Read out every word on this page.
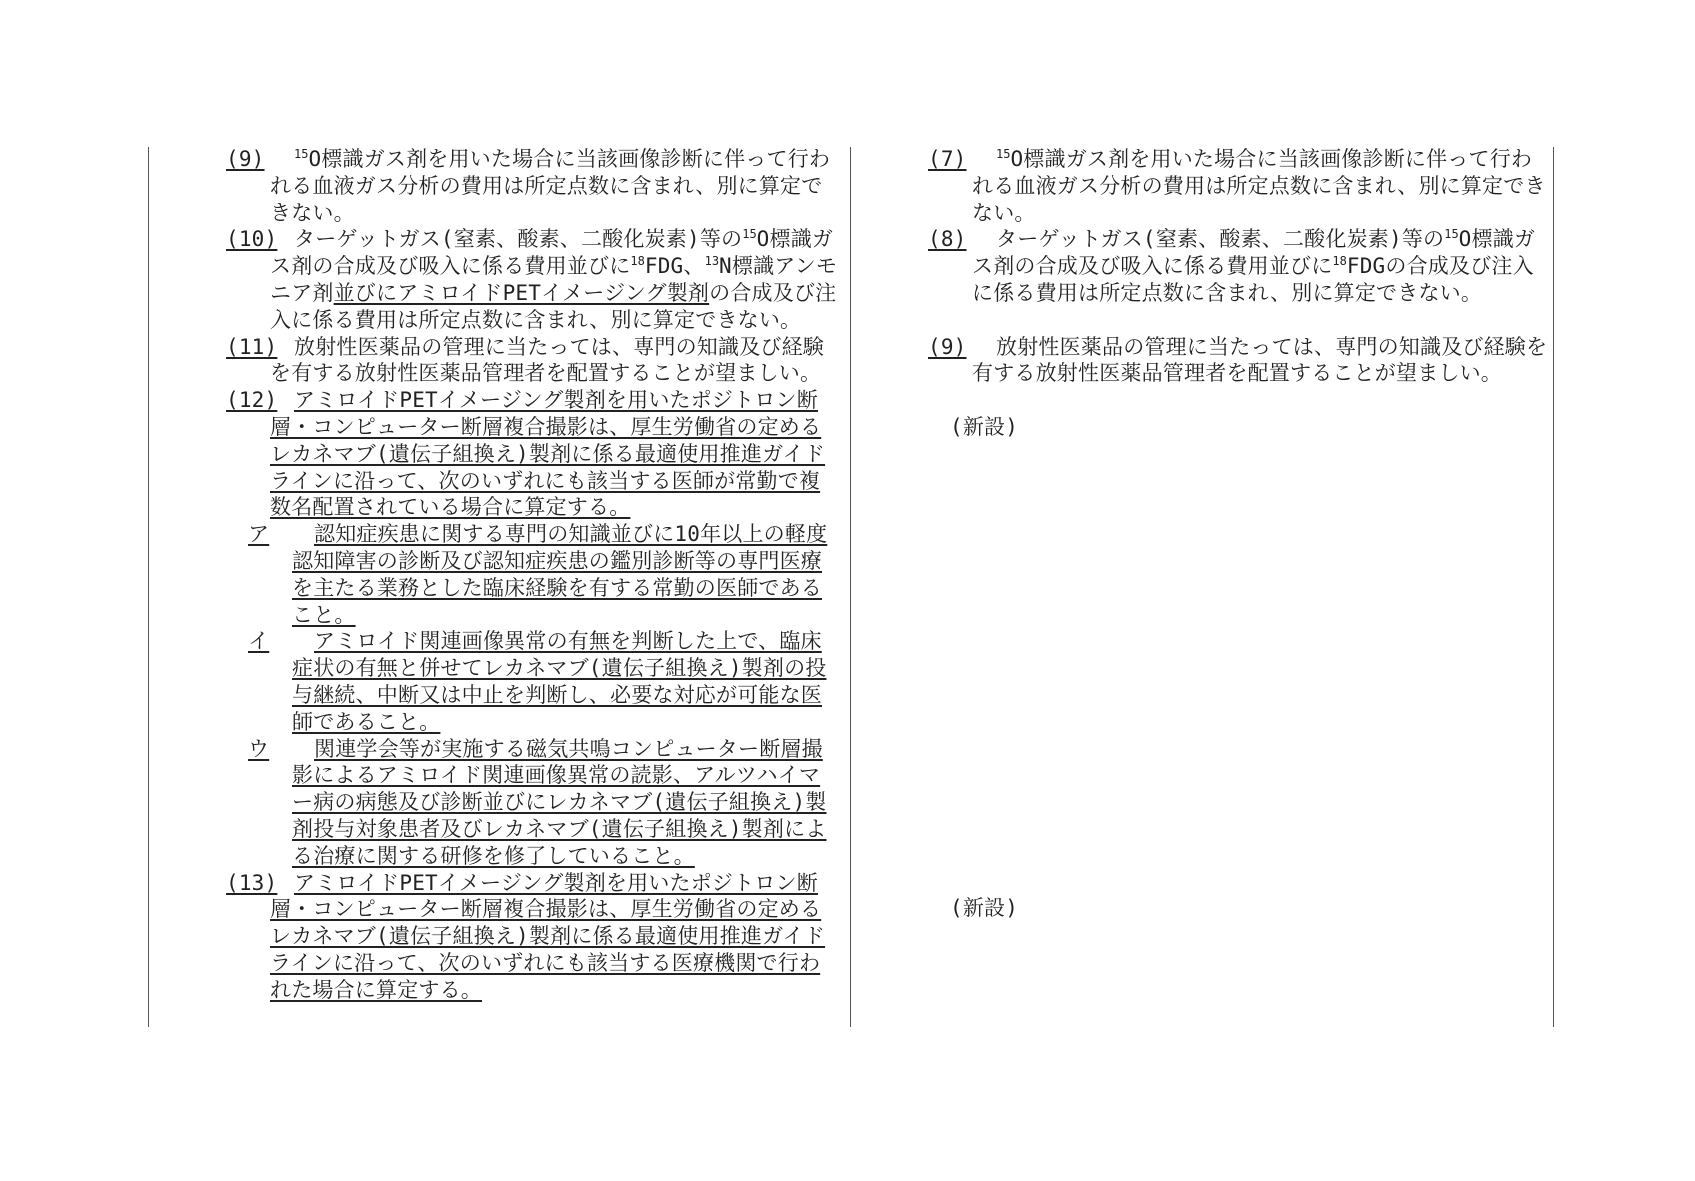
(9) $^{15}$O標識ガス剤を用いた場合に当該画像診断に伴って行われる血液ガス分析の費用は所定点数に含まれ、別に算定できない。

(10) ターゲットガス(窒素、酸素、二酸化炭素)等の$^{15}$O標識ガス剤の合成及び吸入に係る費用並びに$^{18}$FDG、$^{13}$N標識アンモニア剤並びにアミロイドPETイメージング製剤の合成及び注入に係る費用は所定点数に含まれ、別に算定できない。

(11) 放射性医薬品の管理に当たっては、専門の知識及び経験を有する放射性医薬品管理者を配置することが望ましい。

(12) アミロイドPETイメージング製剤を用いたポジトロン断層・コンピューター断層複合撮影は、厚生労働省の定めるレカネマブ(遺伝子組換え)製剤に係る最適使用推進ガイドラインに沿って、次のいずれにも該当する医師が常勤で複数名配置されている場合に算定する。

ア 認知症疾患に関する専門の知識並びに10年以上の軽度認知障害の診断及び認知症疾患の鑑別診断等の専門医療を主たる業務とした臨床経験を有する常勤の医師であること。

イ アミロイド関連画像異常の有無を判断した上で、臨床症状の有無と併せてレカネマブ(遺伝子組換え)製剤の投与継続、中断又は中止を判断し、必要な対応が可能な医師であること。

ウ 関連学会等が実施する磁気共鳴コンピューター断層撮影によるアミロイド関連画像異常の読影、アルツハイマー病の病態及び診断並びにレカネマブ(遺伝子組換え)製剤投与対象患者及びレカネマブ(遺伝子組換え)製剤による治療に関する研修を修了していること。

(13) アミロイドPETイメージング製剤を用いたポジトロン断層・コンピューター断層複合撮影は、厚生労働省の定めるレカネマブ(遺伝子組換え)製剤に係る最適使用推進ガイドラインに沿って、次のいずれにも該当する医療機関で行われた場合に算定する。

(7) $^{15}$O標識ガス剤を用いた場合に当該画像診断に伴って行われる血液ガス分析の費用は所定点数に含まれ、別に算定できない。

(8) ターゲットガス(窒素、酸素、二酸化炭素)等の$^{15}$O標識ガス剤の合成及び吸入に係る費用並びに$^{18}$FDGの合成及び注入に係る費用は所定点数に含まれ、別に算定できない。

(9) 放射性医薬品の管理に当たっては、専門の知識及び経験を有する放射性医薬品管理者を配置することが望ましい。

(新設)

(新設)
